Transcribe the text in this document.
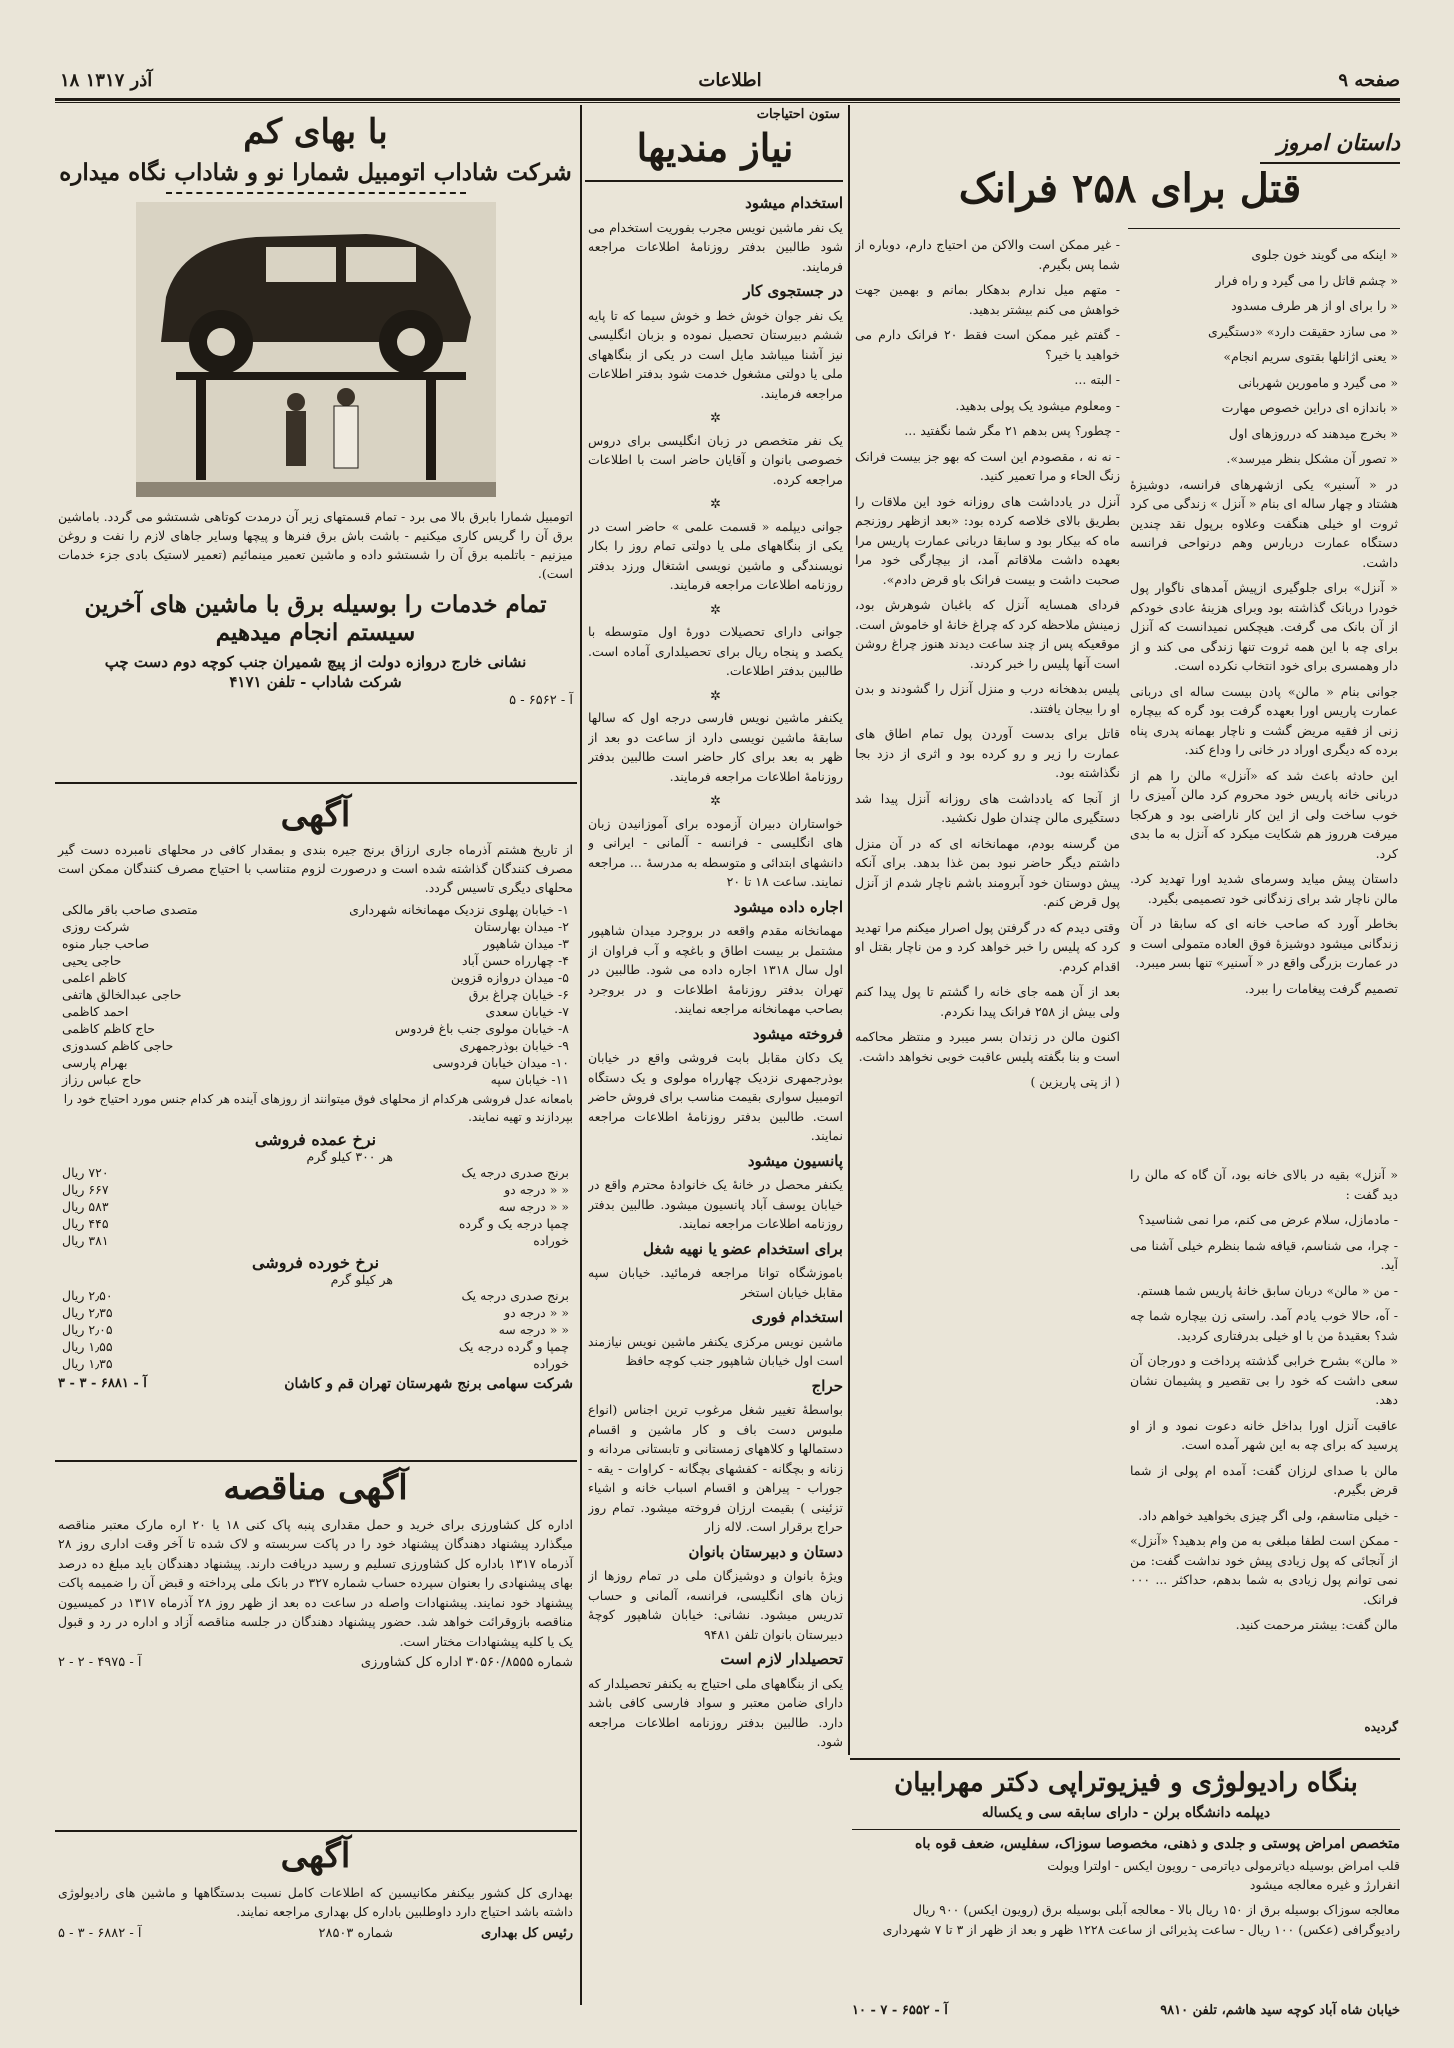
۱۸ آذر ۱۳۱۷	اطلاعات	صفحه ۹
داستان امروز
قتل برای ۲۵۸ فرانک

« اینکه می گویند خون جلوی

« چشم قاتل را می گیرد و راه فرار

« را برای او از هر طرف مسدود

« می سازد حقیقت دارد» «دستگیری

« یعنی اژانلها بقتوی سریم انجام»

« می گیرد و مامورین شهربانی

« باندازه ای دراین خصوص مهارت

« بخرج میدهند که درروزهای اول

« تصور آن مشکل بنظر میرسد».

در « آسنیر» یکی ازشهرهای فرانسه، دوشیزهٔ هشتاد و چهار ساله ای بنام « آنزل » زندگی می کرد ثروت او خیلی هنگفت وعلاوه برپول نقد چندین دستگاه عمارت دربارس وهم درنواحی فرانسه داشت.

« آنزل» برای جلوگیری ازپیش آمدهای ناگوار پول خودرا دربانک گذاشته بود وبرای هزینهٔ عادی خودکم از آن بانک می گرفت. هیچکس نمیدانست که آنزل برای چه با این همه ثروت تنها زندگی می کند و از دار وهمسری برای خود انتخاب نکرده است.

جوانی بنام « مالن» پادن بیست ساله ای دربانی عمارت پاریس اورا بعهده گرفت بود گره که بیچاره زنی از فقیه مریض گشت و ناچار بهمانه پدری پناه برده که دیگری اوراد در خانی را وداع کند.

این حادثه باعث شد که «آنزل» مالن را هم از دربانی خانه پاریس خود محروم کرد مالن آمیزی را خوب ساخت ولی از این کار ناراضی بود و هرکجا میرفت هرروز هم شکایت میکرد که آنزل به ما بدی کرد.

داستان پیش میاید وسرمای شدید اورا تهدید کرد. مالن ناچار شد برای زندگانی خود تصمیمی بگیرد.

بخاطر آورد که صاحب خانه ای که سابقا در آن زندگانی میشود دوشیزهٔ فوق العاده متمولی است و در عمارت بزرگی واقع در « آسنیر» تنها بسر میبرد.

تصمیم گرفت پیغامات را ببرد.

« آنزل» بقیه در بالای خانه بود، آن گاه که مالن را دید گفت :

- مادمازل، سلام عرض می کنم، مرا نمی شناسید؟

- چرا، می شناسم، قیافه شما بنظرم خیلی آشنا می آید.

- من « مالن» دربان سابق خانهٔ پاریس شما هستم.

- آه، حالا خوب یادم آمد. راستی زن بیچاره شما چه شد؟ بعقیدهٔ من با او خیلی بدرفتاری کردید.

« مالن» بشرح خرابی گذشته پرداخت و دورجان آن سعی داشت که خود را بی تقصیر و پشیمان نشان دهد.

عاقبت آنزل اورا بداخل خانه دعوت نمود و از او پرسید که برای چه به این شهر آمده است.

مالن با صدای لرزان گفت: آمده ام پولی از شما قرض بگیرم.

- خیلی متاسفم، ولی اگر چیزی بخواهید خواهم داد.

- ممکن است لطفا مبلغی به من وام بدهید؟ «آنزل» از آنجائی که پول زیادی پیش خود نداشت گفت: من نمی توانم پول زیادی به شما بدهم، حداکثر ... ۰۰۰ فرانک.

مالن گفت: بیشتر مرحمت کنید.

گردیده

- غیر ممکن است والاکن من احتیاج دارم، دوباره از شما پس بگیرم.

- متهم میل ندارم بدهکار بمانم و بهمین جهت خواهش می کنم بیشتر بدهید.

- گفتم غیر ممکن است فقط ۲۰ فرانک دارم می خواهید یا خیر؟

- البته ...

- ومعلوم میشود یک پولی بدهید.

- چطور؟ پس بدهم ۲۱ مگر شما نگفتید ...

- نه نه ، مقصودم این است که بهو جز بیست فرانک زنگ الحاء و مرا تعمیر کنید.

آنزل در یادداشت های روزانه خود این ملاقات را بطریق بالای خلاصه کرده بود: «بعد ازظهر روزنجم ماه که بیکار بود و سابقا دربانی عمارت پاریس مرا بعهده داشت ملاقاتم آمد، از بیچارگی خود مرا صحبت داشت و بیست فرانک باو قرض دادم».

فردای همسایه آنزل که باغبان شوهرش بود، زمینش ملاحظه کرد که چراغ خانهٔ او خاموش است. موقعیکه پس از چند ساعت دیدند هنوز چراغ روشن است آنها پلیس را خبر کردند.

پلیس بدهخانه درب و منزل آنزل را گشودند و بدن او را بیجان یافتند.

قاتل برای بدست آوردن پول تمام اطاق های عمارت را زیر و رو کرده بود و اثری از دزد بجا نگذاشته بود.

از آنجا که یادداشت های روزانه آنزل پیدا شد دستگیری مالن چندان طول نکشید.

من گرسنه بودم، مهمانخانه ای که در آن منزل داشتم دیگر حاضر نبود بمن غذا بدهد. برای آنکه پیش دوستان خود آبرومند باشم ناچار شدم از آنزل پول قرض کنم.

وقتی دیدم که در گرفتن پول اصرار میکنم مرا تهدید کرد که پلیس را خبر خواهد کرد و من ناچار بقتل او اقدام کردم.

بعد از آن همه جای خانه را گشتم تا پول پیدا کنم ولی بیش از ۲۵۸ فرانک پیدا نکردم.

اکنون مالن در زندان بسر میبرد و منتظر محاکمه است و بنا بگفته پلیس عاقبت خوبی نخواهد داشت.

( از پتی پاریزین )

بنگاه رادیولوژی و فیزیوتراپی دکتر مهرابیان
دیپلمه دانشگاه برلن - دارای سابقه سی و یکساله
متخصص امراض پوستی و جلدی و ذهنی، مخصوصا سوزاک، سفلیس، ضعف قوه باه
قلب امراض بوسیله دیاترمولی دیاترمی - رویون ایکس - اولترا ویولت
انفرارژ و غیره معالجه میشود
معالجه سوزاک بوسیله برق از ۱۵۰ ریال بالا - معالجه آبلی بوسیله برق (رویون ایکس) ۹۰۰ ریال رادیوگرافی (عکس) ۱۰۰ ریال - ساعت پذیرائی از ساعت ۱۲۲۸ ظهر و بعد از ظهر از ۳ تا ۷ شهرداری
خیابان شاه آباد کوچه سید هاشم، تلفن ۹۸۱۰
آ - ۶۵۵۲ - ۷ - ۱۰
ستون احتیاجات
نیاز مندیها
استخدام میشود

یک نفر ماشین نویس مجرب بفوریت استخدام می شود طالبین بدفتر روزنامهٔ اطلاعات مراجعه فرمایند.

در جستجوی کار

یک نفر جوان خوش خط و خوش سیما که تا پایه ششم دبیرستان تحصیل نموده و بزبان انگلیسی نیز آشنا میباشد مایل است در یکی از بنگاههای ملی یا دولتی مشغول خدمت شود بدفتر اطلاعات مراجعه فرمایند.

✲

یک نفر متخصص در زبان انگلیسی برای دروس خصوصی بانوان و آقایان حاضر است با اطلاعات مراجعه کرده.

✲

جوانی دیپلمه « قسمت علمی » حاضر است در یکی از بنگاههای ملی یا دولتی تمام روز را بکار نویسندگی و ماشین نویسی اشتغال ورزد بدفتر روزنامه اطلاعات مراجعه فرمایند.

✲

جوانی دارای تحصیلات دورهٔ اول متوسطه با یکصد و پنجاه ریال برای تحصیلداری آماده است. طالبین بدفتر اطلاعات.

✲

یکنفر ماشین نویس فارسی درجه اول که سالها سابقهٔ ماشین نویسی دارد از ساعت دو بعد از ظهر به بعد برای کار حاضر است طالبین بدفتر روزنامهٔ اطلاعات مراجعه فرمایند.

✲

خواستاران دبیران آزموده برای آموزانیدن زبان های انگلیسی - فرانسه - آلمانی - ایرانی و دانشهای ابتدائی و متوسطه به مدرسهٔ ... مراجعه نمایند. ساعت ۱۸ تا ۲۰

اجاره داده میشود

مهمانخانه مقدم واقعه در بروجرد میدان شاهپور مشتمل بر بیست اطاق و باغچه و آب فراوان از اول سال ۱۳۱۸ اجاره داده می شود. طالبین در تهران بدفتر روزنامهٔ اطلاعات و در بروجرد بصاحب مهمانخانه مراجعه نمایند.

فروخته میشود

یک دکان مقابل بابت فروشی واقع در خیابان بوذرجمهری نزدیک چهارراه مولوی و یک دستگاه اتومبیل سواری بقیمت مناسب برای فروش حاضر است. طالبین بدفتر روزنامهٔ اطلاعات مراجعه نمایند.

پانسیون میشود

یکنفر محصل در خانهٔ یک خانوادهٔ محترم واقع در خیابان یوسف آباد پانسیون میشود. طالبین بدفتر روزنامه اطلاعات مراجعه نمایند.

برای استخدام عضو یا نهیه شغل

باموزشگاه توانا مراجعه فرمائید. خیابان سپه مقابل خیابان استخر

استخدام فوری

ماشین نویس مرکزی یکنفر ماشین نویس نیازمند است اول خیابان شاهپور جنب کوچه حافظ

حراج

بواسطهٔ تغییر شغل مرغوب ترین اجناس (انواع ملبوس دست باف و کار ماشین و اقسام دستمالها و کلاههای زمستانی و تابستانی مردانه و زنانه و بچگانه - کفشهای بچگانه - کراوات - یقه - جوراب - پیراهن و اقسام اسباب خانه و اشیاء تزئینی ) بقیمت ارزان فروخته میشود. تمام روز حراج برقرار است. لاله زار

دستان و دبیرستان بانوان

ویژهٔ بانوان و دوشیزگان ملی در تمام روزها از زبان های انگلیسی، فرانسه، آلمانی و حساب تدریس میشود. نشانی: خیابان شاهپور کوچهٔ دبیرستان بانوان تلفن ۹۴۸۱

تحصیلدار لازم است

یکی از بنگاههای ملی احتیاج به یکنفر تحصیلدار که دارای ضامن معتبر و سواد فارسی کافی باشد دارد. طالبین بدفتر روزنامه اطلاعات مراجعه شود.

با بهای کم
شرکت شاداب اتومبیل شمارا نو و شاداب نگاه میداره
اتومبیل شمارا بابرق بالا می برد - تمام قسمتهای زیر آن درمدت کوتاهی شستشو می گردد. باماشین برق آن را گریس کاری میکنیم - باشت باش برق فنرها و پیچها وسایر جاهای لازم را نفت و روغن میزنیم - باتلمبه برق آن را شستشو داده و ماشین تعمیر مینمائیم (تعمیر لاستیک بادی جزء خدمات است).
تمام خدمات را بوسیله برق با ماشین های آخرین
سیستم انجام میدهیم
نشانی خارج دروازه دولت از پیچ شمیران جنب کوچه دوم دست چپ
شرکت شاداب - تلفن ۴۱۷۱
آ - ۶۵۶۲ - ۵
آگهی
از تاریخ هشتم آذرماه جاری ارزاق برنج جیره بندی و بمقدار کافی در محلهای نامبرده دست گیر مصرف کنندگان گذاشته شده است و درصورت لزوم متناسب با احتیاج مصرف کنندگان ممکن است محلهای دیگری تاسیس گردد.
۱- خیابان پهلوی نزدیک مهمانخانه شهرداری	متصدی صاحب باقر مالکی
۲- میدان بهارستان	شرکت روزی
۳- میدان شاهپور	صاحب جبار منوه
۴- چهارراه حسن آباد	حاجی یحیی
۵- میدان دروازه قزوین	کاظم اعلمی
۶- خیابان چراغ برق	حاجی عبدالخالق هاتفی
۷- خیابان سعدی	احمد کاظمی
۸- خیابان مولوی جنب باغ فردوس	حاج کاظم کاظمی
۹- خیابان بوذرجمهری	حاجی کاظم کسدوزی
۱۰- میدان خیابان فردوسی	بهرام پارسی
۱۱- خیابان سپه	حاج عباس رزاز
بامعانه عدل فروشی هرکدام از محلهای فوق میتوانند از روزهای آینده هر کدام جنس مورد احتیاج خود را بپردازند و تهیه نمایند.
نرخ عمده فروشی
هر ۳۰۰ کیلو گرم
برنج صدری درجه یک	۷۲۰ ریال
« « درجه دو	۶۶۷ ریال
« « درجه سه	۵۸۳ ریال
چمپا درجه یک و گرده	۴۴۵ ریال
خوراده	۳۸۱ ریال
نرخ خورده فروشی
هر کیلو گرم
برنج صدری درجه یک	۲٫۵۰ ریال
« « درجه دو	۲٫۳۵ ریال
« « درجه سه	۲٫۰۵ ریال
چمپا و گرده درجه یک	۱٫۵۵ ریال
خوراده	۱٫۳۵ ریال
شرکت سهامی برنج شهرستان تهران قم و کاشان
آ - ۶۸۸۱ - ۳ - ۳
آگهی مناقصه
اداره کل کشاورزی برای خرید و حمل مقداری پنبه پاک کنی ۱۸ یا ۲۰ اره مارک معتبر مناقصه میگذارد پیشنهاد دهندگان پیشنهاد خود را در پاکت سربسته و لاک شده تا آخر وقت اداری روز ۲۸ آذرماه ۱۳۱۷ باداره کل کشاورزی تسلیم و رسید دریافت دارند. پیشنهاد دهندگان باید مبلغ ده درصد بهای پیشنهادی را بعنوان سپرده حساب شماره ۳۲۷ در بانک ملی پرداخته و قبض آن را ضمیمه پاکت پیشنهاد خود نمایند. پیشنهادات واصله در ساعت ده بعد از ظهر روز ۲۸ آذرماه ۱۳۱۷ در کمیسیون مناقصه بازوقرائت خواهد شد. حضور پیشنهاد دهندگان در جلسه مناقصه آزاد و اداره در رد و قبول یک یا کلیه پیشنهادات مختار است.
شماره ۳۰۵۶۰/۸۵۵۵ اداره کل کشاورزی
آ - ۴۹۷۵ - ۲ - ۲
آگهی
بهداری کل کشور بیکنفر مکانیسین که اطلاعات کامل نسبت بدستگاهها و ماشین های رادیولوژی داشته باشد احتیاج دارد داوطلبین باداره کل بهداری مراجعه نمایند.
رئیس کل بهداری
شماره ۲۸۵۰۳
آ - ۶۸۸۲ - ۳ - ۵
